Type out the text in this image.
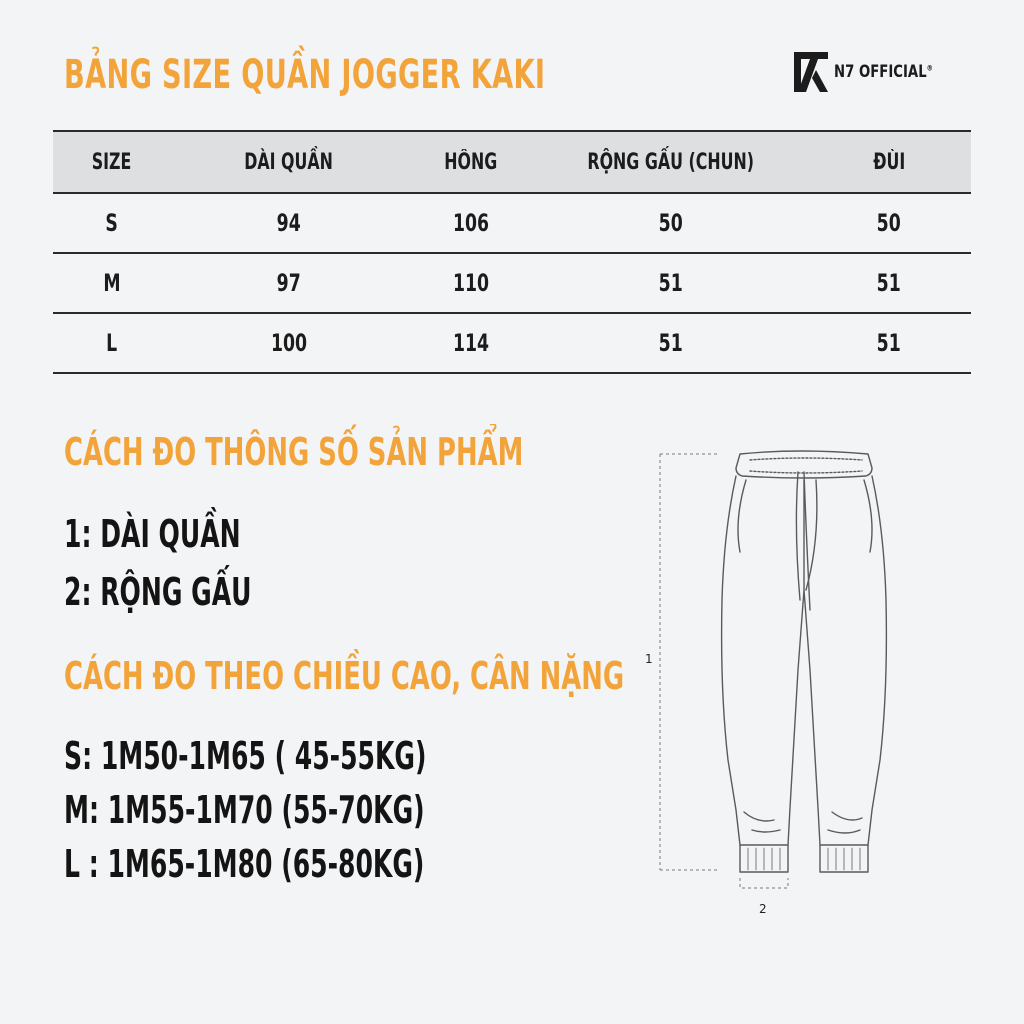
BẢNG SIZE QUẦN JOGGER KAKI	N7 OFFICIAL®
SIZE	DÀI QUẦN	HÔNG	RỘNG GẤU (CHUN)	ĐÙI
S	94	106	50	50
M	97	110	51	51
L	100	114	51	51
CÁCH ĐO THÔNG SỐ SẢN PHẨM
1: DÀI QUẦN
2: RỘNG GẤU
CÁCH ĐO THEO CHIỀU CAO, CÂN NẶNG
S: 1M50-1M65 ( 45-55KG)
M: 1M55-1M70 (55-70KG)
L : 1M65-1M80 (65-80KG)
1
2
